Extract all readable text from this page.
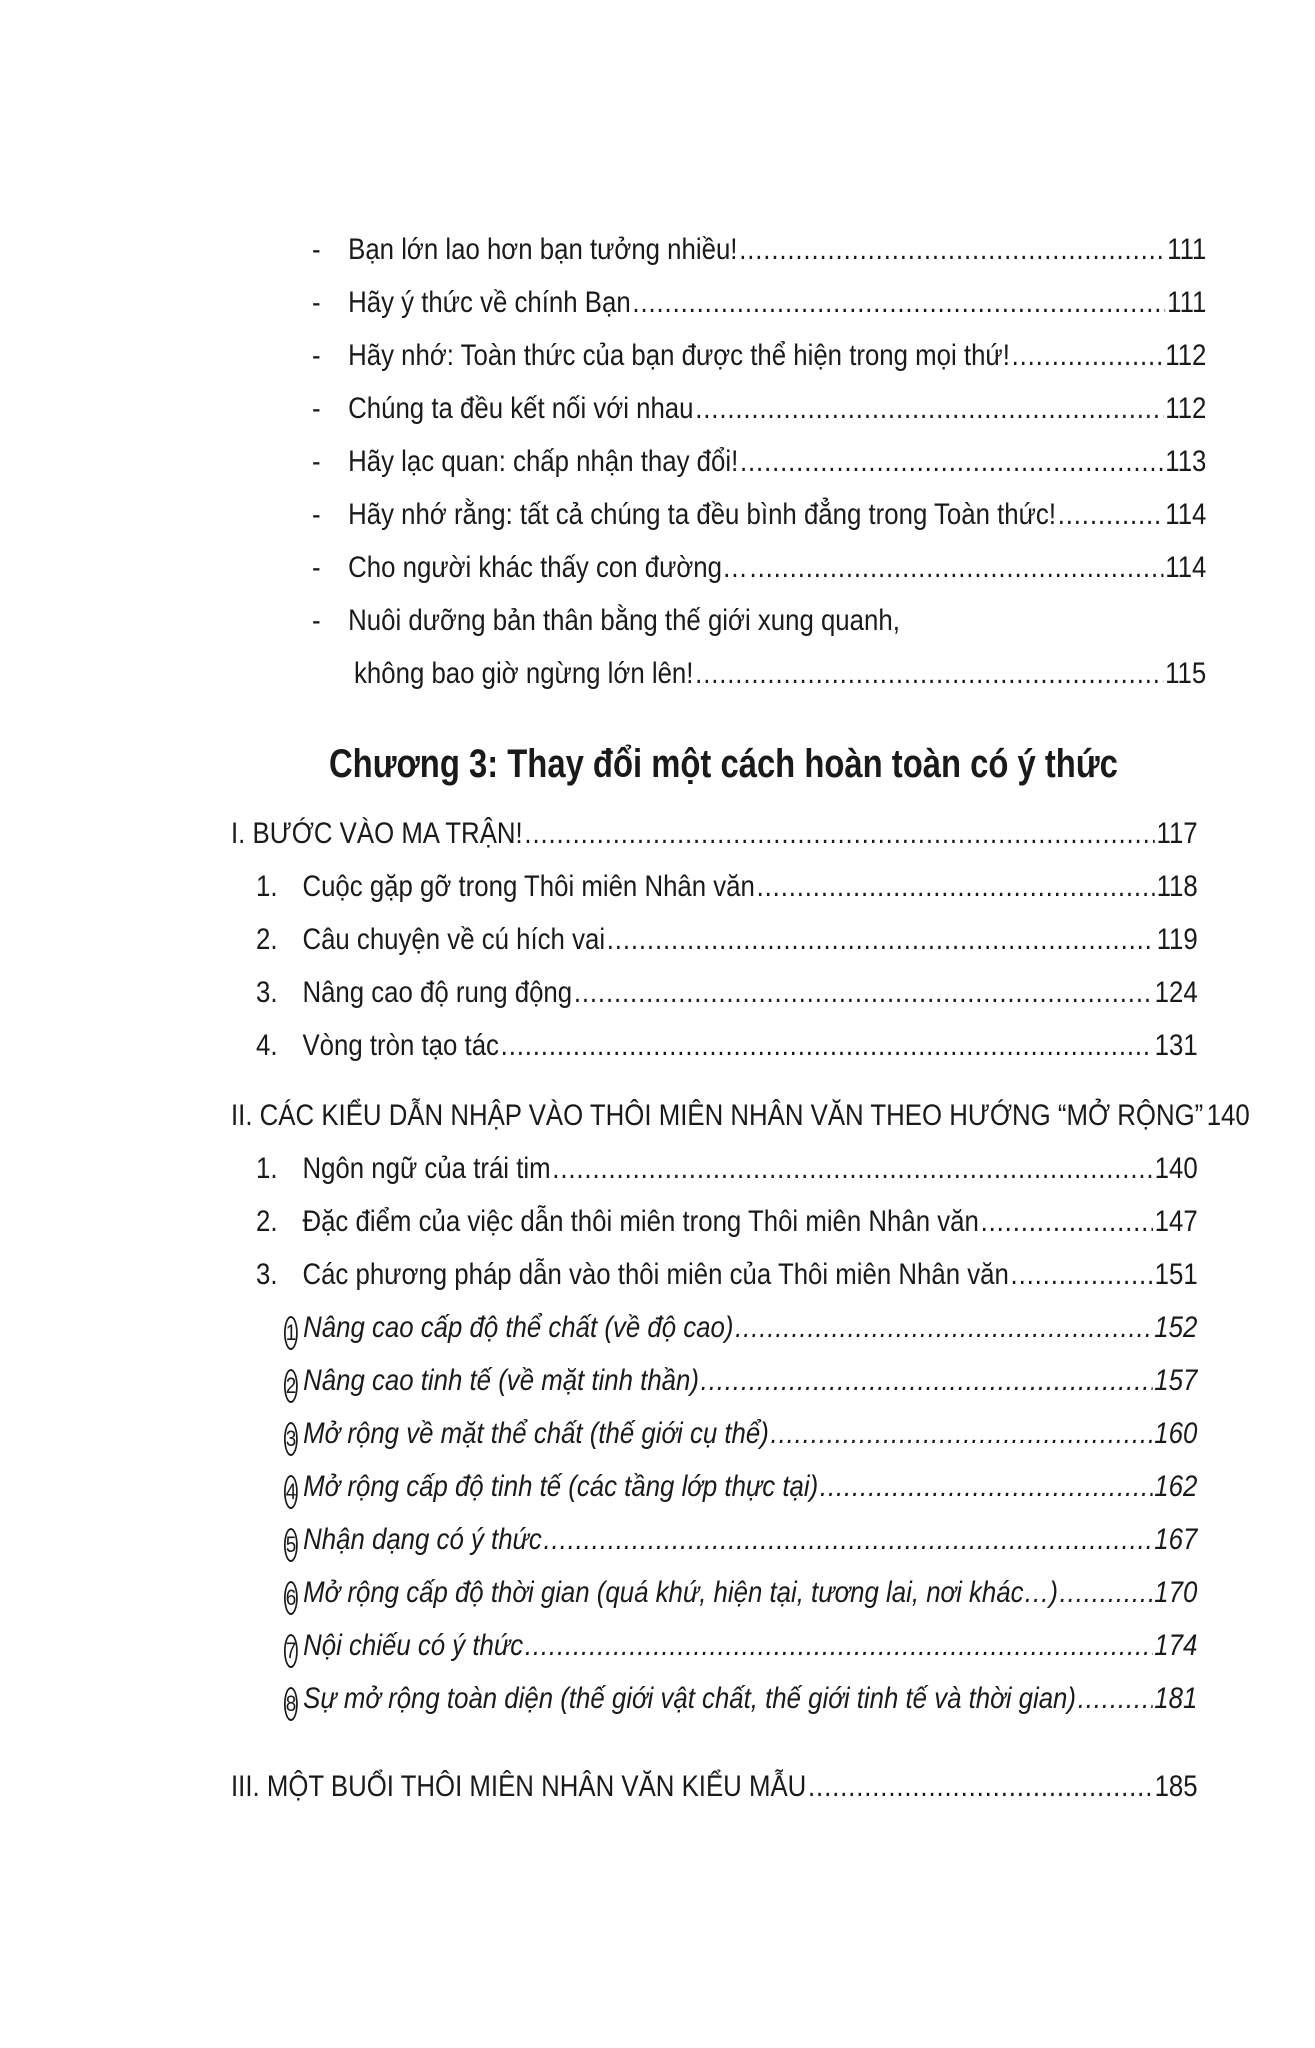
- Bạn lớn lao hơn bạn tưởng nhiều! .....	111
- Hãy ý thức về chính Bạn .....	111
- Hãy nhớ: Toàn thức của bạn được thể hiện trong mọi thứ! .....	112
- Chúng ta đều kết nối với nhau .....	112
- Hãy lạc quan: chấp nhận thay đổi! .....	113
- Hãy nhớ rằng: tất cả chúng ta đều bình đẳng trong Toàn thức! .....	114
- Cho người khác thấy con đường… .....	114
- Nuôi dưỡng bản thân bằng thế giới xung quanh,
không bao giờ ngừng lớn lên! .....	115
Chương 3: Thay đổi một cách hoàn toàn có ý thức
I. BƯỚC VÀO MA TRẬN! .....	117
1. Cuộc gặp gỡ trong Thôi miên Nhân văn .....	118
2. Câu chuyện về cú hích vai .....	119
3. Nâng cao độ rung động .....	124
4. Vòng tròn tạo tác .....	131
II. CÁC KIỂU DẪN NHẬP VÀO THÔI MIÊN NHÂN VĂN THEO HƯỚNG “MỞ RỘNG” 140
1. Ngôn ngữ của trái tim .....	140
2. Đặc điểm của việc dẫn thôi miên trong Thôi miên Nhân văn .....	147
3. Các phương pháp dẫn vào thôi miên của Thôi miên Nhân văn .....	151
1 Nâng cao cấp độ thể chất (về độ cao) .....	152
2 Nâng cao tinh tế (về mặt tinh thần) .....	157
3 Mở rộng về mặt thể chất (thế giới cụ thể) .....	160
4 Mở rộng cấp độ tinh tế (các tầng lớp thực tại) .....	162
5 Nhận dạng có ý thức .....	167
6 Mở rộng cấp độ thời gian (quá khứ, hiện tại, tương lai, nơi khác…) .....	170
7 Nội chiếu có ý thức .....	174
8 Sự mở rộng toàn diện (thế giới vật chất, thế giới tinh tế và thời gian) .....	181
III. MỘT BUỔI THÔI MIÊN NHÂN VĂN KIỂU MẪU .....	185
